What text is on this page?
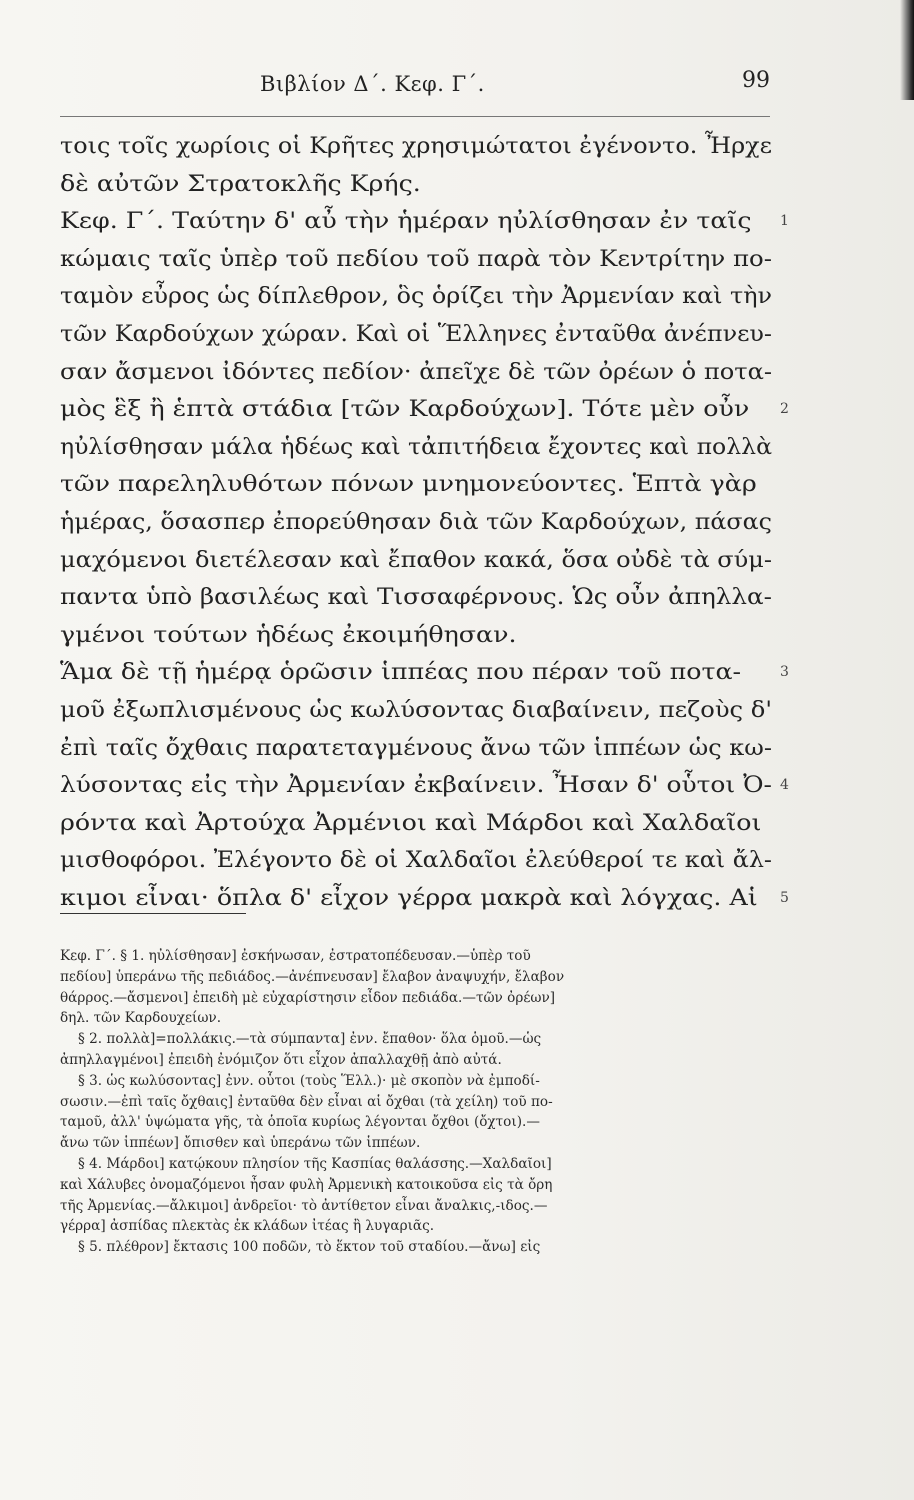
Βιβλίον Δ΄. Κεφ. Γ΄.	99
τοις τοῖς χωρίοις οἱ Κρῆτες χρησιμώτατοι ἐγένοντο. Ἦρχε
δὲ αὐτῶν Στρατοκλῆς Κρής.
Κεφ. Γ΄. Ταύτην δ' αὖ τὴν ἡμέραν ηὐλίσθησαν ἐν ταῖς 1
κώμαις ταῖς ὑπὲρ τοῦ πεδίου τοῦ παρὰ τὸν Κεντρίτην πο-
ταμὸν εὖρος ὡς δίπλεθρον, ὃς ὁρίζει τὴν Ἀρμενίαν καὶ τὴν
τῶν Καρδούχων χώραν. Καὶ οἱ Ἕλληνες ἐνταῦθα ἀνέπνευ-
σαν ἄσμενοι ἰδόντες πεδίον· ἀπεῖχε δὲ τῶν ὀρέων ὁ ποτα-
μὸς ἓξ ἢ ἑπτὰ στάδια [τῶν Καρδούχων]. Τότε μὲν οὖν 2
ηὐλίσθησαν μάλα ἡδέως καὶ τἀπιτήδεια ἔχοντες καὶ πολλὰ
τῶν παρεληλυθότων πόνων μνημονεύοντες. Ἑπτὰ γὰρ
ἡμέρας, ὅσασπερ ἐπορεύθησαν διὰ τῶν Καρδούχων, πάσας
μαχόμενοι διετέλεσαν καὶ ἔπαθον κακά, ὅσα οὐδὲ τὰ σύμ-
παντα ὑπὸ βασιλέως καὶ Τισσαφέρνους. Ὡς οὖν ἀπηλλα-
γμένοι τούτων ἡδέως ἐκοιμήθησαν.
Ἅμα δὲ τῇ ἡμέρᾳ ὁρῶσιν ἱππέας που πέραν τοῦ ποτα-	3
μοῦ ἐξωπλισμένους ὡς κωλύσοντας διαβαίνειν, πεζοὺς δ'
ἐπὶ ταῖς ὄχθαις παρατεταγμένους ἄνω τῶν ἱππέων ὡς κω-
λύσοντας εἰς τὴν Ἀρμενίαν ἐκβαίνειν. Ἦσαν δ' οὗτοι Ὀ- 4
ρόντα καὶ Ἀρτούχα Ἀρμένιοι καὶ Μάρδοι καὶ Χαλδαῖοι
μισθοφόροι. Ἐλέγοντο δὲ οἱ Χαλδαῖοι ἐλεύθεροί τε καὶ ἄλ-
κιμοι εἶναι· ὅπλα δ' εἶχον γέρρα μακρὰ καὶ λόγχας. Αἱ 5
Κεφ. Γ΄. § 1. ηὐλίσθησαν] ἐσκήνωσαν, ἐστρατοπέδευσαν.—ὑπὲρ τοῦ
πεδίου] ὑπεράνω τῆς πεδιάδος.—ἀνέπνευσαν] ἔλαβον ἀναψυχήν, ἔλαβον
θάρρος.—ἄσμενοι] ἐπειδὴ μὲ εὐχαρίστησιν εἶδον πεδιάδα.—τῶν ὀρέων]
δηλ. τῶν Καρδουχείων.
§ 2. πολλὰ]=πολλάκις.—τὰ σύμπαντα] ἐνν. ἔπαθον· ὅλα ὁμοῦ.—ὡς
ἀπηλλαγμένοι] ἐπειδὴ ἐνόμιζον ὅτι εἶχον ἀπαλλαχθῇ ἀπὸ αὐτά.
§ 3. ὡς κωλύσοντας] ἐνν. οὗτοι (τοὺς Ἕλλ.)· μὲ σκοπὸν νὰ ἐμποδί-
σωσιν.—ἐπὶ ταῖς ὄχθαις] ἐνταῦθα δὲν εἶναι αἱ ὄχθαι (τὰ χείλη) τοῦ πο-
ταμοῦ, ἀλλ' ὑψώματα γῆς, τὰ ὁποῖα κυρίως λέγονται ὄχθοι (ὄχτοι).—
ἄνω τῶν ἱππέων] ὄπισθεν καὶ ὑπεράνω τῶν ἱππέων.
§ 4. Μάρδοι] κατῴκουν πλησίον τῆς Κασπίας θαλάσσης.—Χαλδαῖοι]
καὶ Χάλυβες ὀνομαζόμενοι ἦσαν φυλὴ Ἀρμενικὴ κατοικοῦσα εἰς τὰ ὄρη
τῆς Ἀρμενίας.—ἄλκιμοι] ἀνδρεῖοι· τὸ ἀντίθετον εἶναι ἄναλκις,-ιδος.—
γέρρα] ἀσπίδας πλεκτὰς ἐκ κλάδων ἰτέας ἢ λυγαριᾶς.
§ 5. πλέθρον] ἔκτασις 100 ποδῶν, τὸ ἕκτον τοῦ σταδίου.—ἄνω] εἰς
